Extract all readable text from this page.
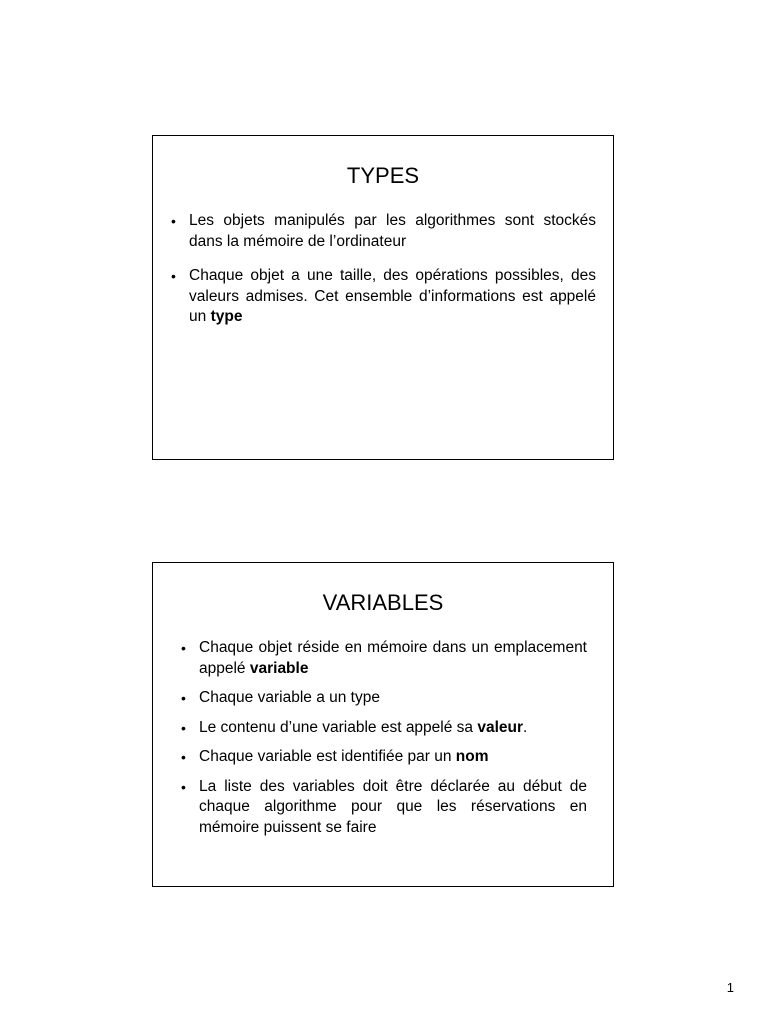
TYPES
• Les objets manipulés par les algorithmes sont stockés dans la mémoire de l’ordinateur
• Chaque objet a une taille, des opérations possibles, des valeurs admises. Cet ensemble d’informations est appelé un type
VARIABLES
• Chaque objet réside en mémoire dans un emplacement appelé variable
• Chaque variable a un type
• Le contenu d’une variable est appelé sa valeur.
• Chaque variable est identifiée par un nom
• La liste des variables doit être déclarée au début de chaque algorithme pour que les réservations en mémoire puissent se faire
1
